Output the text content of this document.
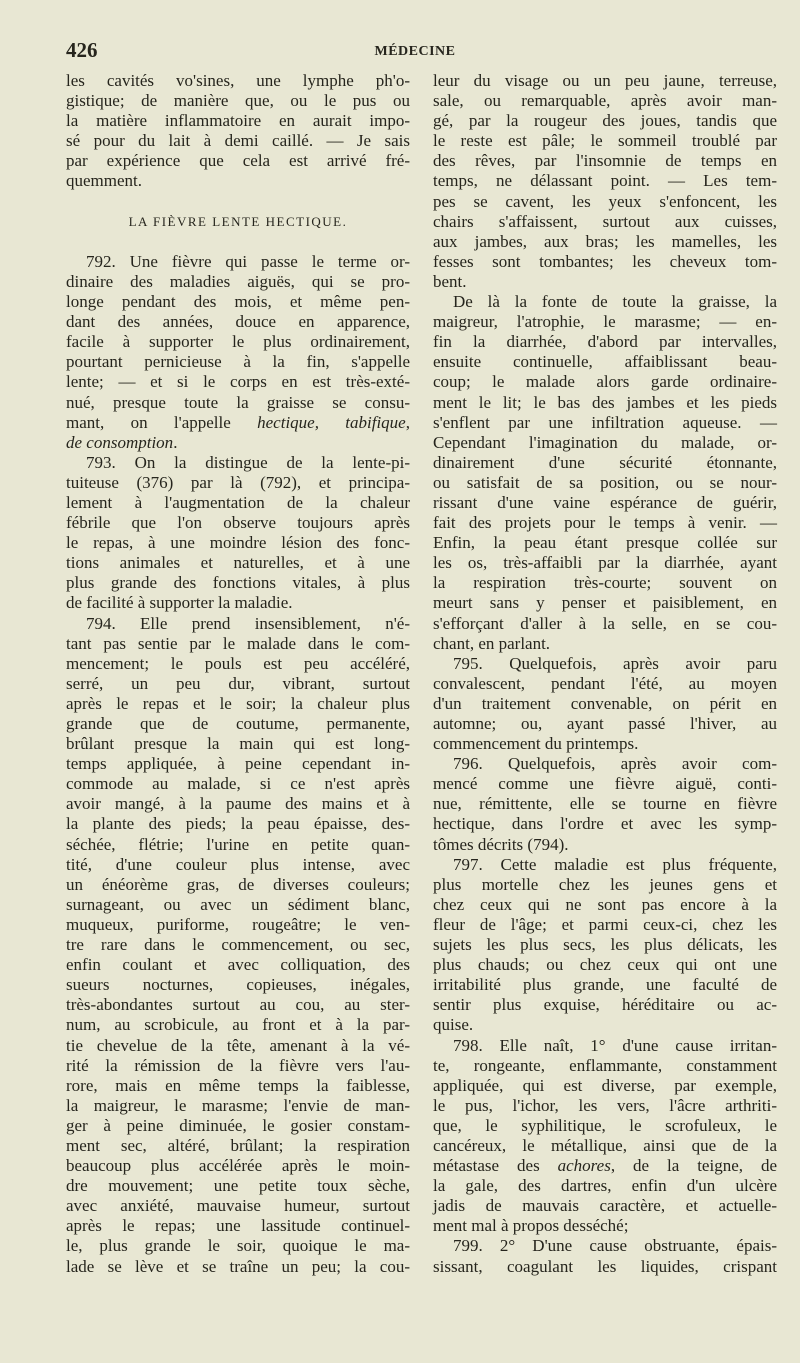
426	MÉDECINE
les cavités vo'sines, une lymphe ph'o-
gistique; de manière que, ou le pus ou
la matière inflammatoire en aurait impo-
sé pour du lait à demi caillé. — Je sais
par expérience que cela est arrivé fré-
quemment.
LA FIÈVRE LENTE HECTIQUE.
792. Une fièvre qui passe le terme or-
dinaire des maladies aiguës, qui se pro-
longe pendant des mois, et même pen-
dant des années, douce en apparence,
facile à supporter le plus ordinairement,
pourtant pernicieuse à la fin, s'appelle
lente; — et si le corps en est très-exté-
nué, presque toute la graisse se consu-
mant, on l'appelle hectique, tabifique,
de consomption.
793. On la distingue de la lente-pi-
tuiteuse (376) par là (792), et principa-
lement à l'augmentation de la chaleur
fébrile que l'on observe toujours après
le repas, à une moindre lésion des fonc-
tions animales et naturelles, et à une
plus grande des fonctions vitales, à plus
de facilité à supporter la maladie.
794. Elle prend insensiblement, n'é-
tant pas sentie par le malade dans le com-
mencement; le pouls est peu accéléré,
serré, un peu dur, vibrant, surtout
après le repas et le soir; la chaleur plus
grande que de coutume, permanente,
brûlant presque la main qui est long-
temps appliquée, à peine cependant in-
commode au malade, si ce n'est après
avoir mangé, à la paume des mains et à
la plante des pieds; la peau épaisse, des-
séchée, flétrie; l'urine en petite quan-
tité, d'une couleur plus intense, avec
un énéorème gras, de diverses couleurs;
surnageant, ou avec un sédiment blanc,
muqueux, puriforme, rougeâtre; le ven-
tre rare dans le commencement, ou sec,
enfin coulant et avec colliquation, des
sueurs nocturnes, copieuses, inégales,
très-abondantes surtout au cou, au ster-
num, au scrobicule, au front et à la par-
tie chevelue de la tête, amenant à la vé-
rité la rémission de la fièvre vers l'au-
rore, mais en même temps la faiblesse,
la maigreur, le marasme; l'envie de man-
ger à peine diminuée, le gosier constam-
ment sec, altéré, brûlant; la respiration
beaucoup plus accélérée après le moin-
dre mouvement; une petite toux sèche,
avec anxiété, mauvaise humeur, surtout
après le repas; une lassitude continuel-
le, plus grande le soir, quoique le ma-
lade se lève et se traîne un peu; la cou-
leur du visage ou un peu jaune, terreuse,
sale, ou remarquable, après avoir man-
gé, par la rougeur des joues, tandis que
le reste est pâle; le sommeil troublé par
des rêves, par l'insomnie de temps en
temps, ne délassant point. — Les tem-
pes se cavent, les yeux s'enfoncent, les
chairs s'affaissent, surtout aux cuisses,
aux jambes, aux bras; les mamelles, les
fesses sont tombantes; les cheveux tom-
bent.
De là la fonte de toute la graisse, la
maigreur, l'atrophie, le marasme; — en-
fin la diarrhée, d'abord par intervalles,
ensuite continuelle, affaiblissant beau-
coup; le malade alors garde ordinaire-
ment le lit; le bas des jambes et les pieds
s'enflent par une infiltration aqueuse. —
Cependant l'imagination du malade, or-
dinairement d'une sécurité étonnante,
ou satisfait de sa position, ou se nour-
rissant d'une vaine espérance de guérir,
fait des projets pour le temps à venir. —
Enfin, la peau étant presque collée sur
les os, très-affaibli par la diarrhée, ayant
la respiration très-courte; souvent on
meurt sans y penser et paisiblement, en
s'efforçant d'aller à la selle, en se cou-
chant, en parlant.
795. Quelquefois, après avoir paru
convalescent, pendant l'été, au moyen
d'un traitement convenable, on périt en
automne; ou, ayant passé l'hiver, au
commencement du printemps.
796. Quelquefois, après avoir com-
mencé comme une fièvre aiguë, conti-
nue, rémittente, elle se tourne en fièvre
hectique, dans l'ordre et avec les symp-
tômes décrits (794).
797. Cette maladie est plus fréquente,
plus mortelle chez les jeunes gens et
chez ceux qui ne sont pas encore à la
fleur de l'âge; et parmi ceux-ci, chez les
sujets les plus secs, les plus délicats, les
plus chauds; ou chez ceux qui ont une
irritabilité plus grande, une faculté de
sentir plus exquise, héréditaire ou ac-
quise.
798. Elle naît, 1° d'une cause irritan-
te, rongeante, enflammante, constamment
appliquée, qui est diverse, par exemple,
le pus, l'ichor, les vers, l'âcre arthriti-
que, le syphilitique, le scrofuleux, le
cancéreux, le métallique, ainsi que de la
métastase des achores, de la teigne, de
la gale, des dartres, enfin d'un ulcère
jadis de mauvais caractère, et actuelle-
ment mal à propos desséché;
799. 2° D'une cause obstruante, épais-
sissant, coagulant les liquides, crispant
